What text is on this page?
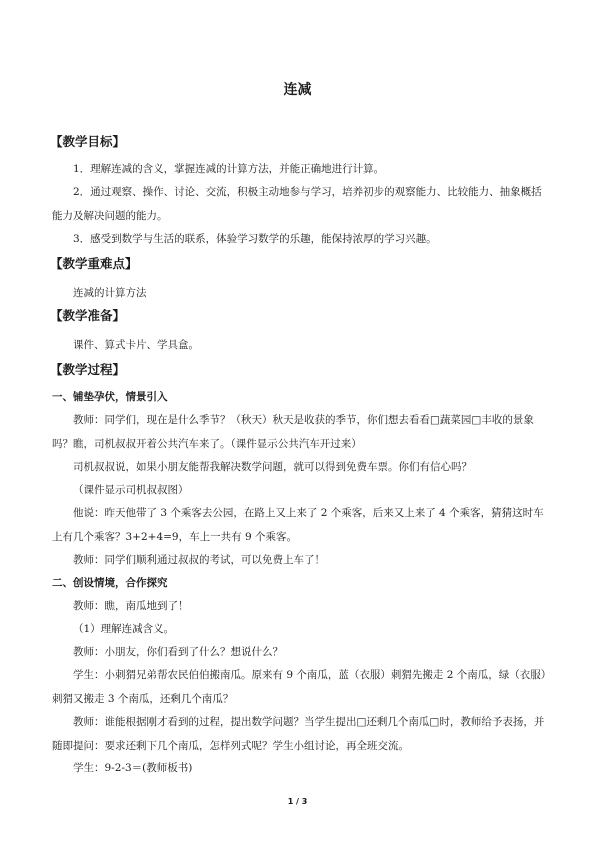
连减
【教学目标】

1．理解连减的含义，掌握连减的计算方法，并能正确地进行计算。

2．通过观察、操作、讨论、交流，积极主动地参与学习，培养初步的观察能力、比较能力、抽象概括能力及解决问题的能力。

3．感受到数学与生活的联系，体验学习数学的乐趣，能保持浓厚的学习兴趣。

【教学重难点】

连减的计算方法

【教学准备】

课件、算式卡片、学具盒。

【教学过程】
一、铺垫孕伏，情景引入

教师：同学们，现在是什么季节？（秋天）秋天是收获的季节，你们想去看看□蔬菜园□丰收的景象吗？瞧，司机叔叔开着公共汽车来了。（课件显示公共汽车开过来）

司机叔叔说，如果小朋友能帮我解决数学问题，就可以得到免费车票。你们有信心吗？

（课件显示司机叔叔图）

他说：昨天他带了 3 个乘客去公园，在路上又上来了 2 个乘客，后来又上来了 4 个乘客，猜猜这时车上有几个乘客？3+2+4=9，车上一共有 9 个乘客。

教师：同学们顺利通过叔叔的考试，可以免费上车了！

二、创设情境，合作探究

教师：瞧，南瓜地到了！

（1）理解连减含义。

教师：小朋友，你们看到了什么？想说什么？

学生：小刺猬兄弟帮农民伯伯搬南瓜。原来有 9 个南瓜，蓝（衣服）刺猬先搬走 2 个南瓜，绿（衣服）刺猬又搬走 3 个南瓜，还剩几个南瓜？

教师：谁能根据刚才看到的过程，提出数学问题？当学生提出□还剩几个南瓜□时，教师给予表扬，并随即提问：要求还剩下几个南瓜，怎样列式呢？学生小组讨论，再全班交流。

学生：9-2-3＝(教师板书)

1 / 3
